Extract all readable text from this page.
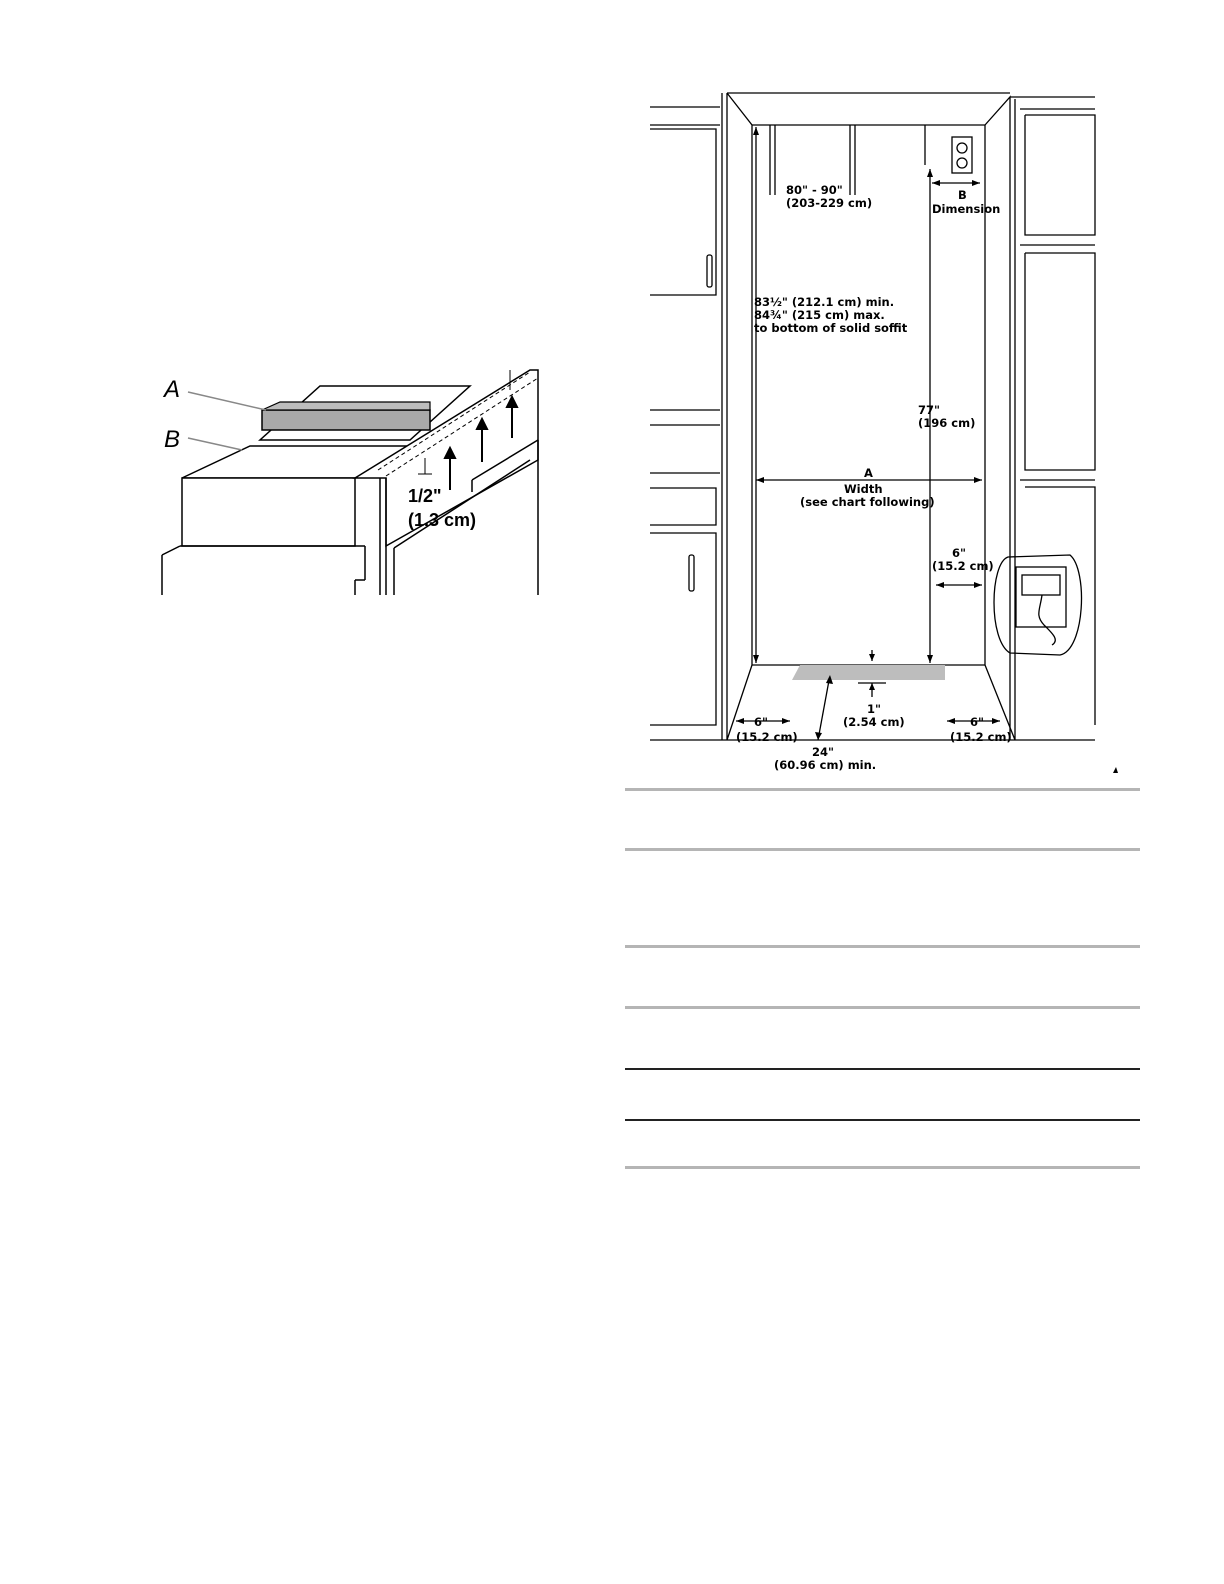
A
B
1/2"
(1.3 cm)
80" - 90"
(203-229 cm)
B
Dimension
83½" (212.1 cm) min.
84¾" (215 cm) max.
to bottom of solid soffit
77"
(196 cm)
A
Width
(see chart following)
6"
(15.2 cm)
1"
(2.54 cm)
6"
(15.2 cm)
6"
(15.2 cm)
24"
(60.96 cm) min.
